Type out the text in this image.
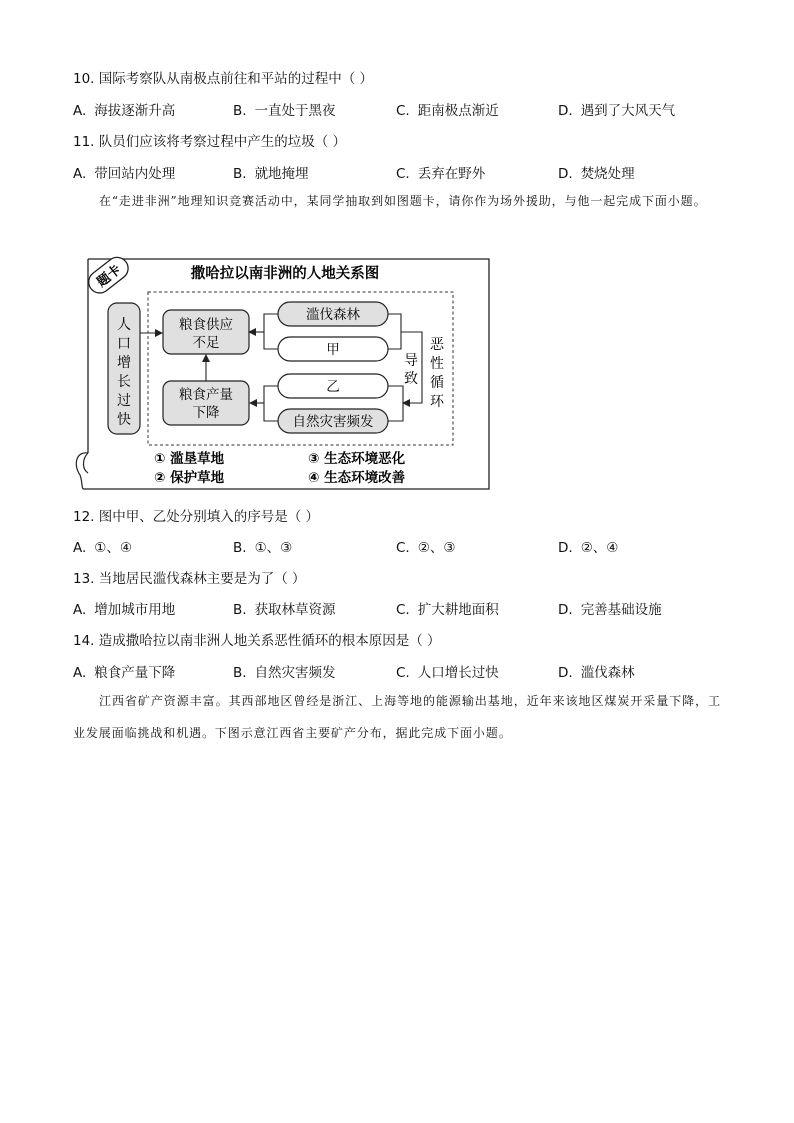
10. 国际考察队从南极点前往和平站的过程中（ ）
A. 海拔逐渐升高	B. 一直处于黑夜	C. 距南极点渐近	D. 遇到了大风天气
11. 队员们应该将考察过程中产生的垃圾（ ）
A. 带回站内处理	B. 就地掩埋	C. 丢弃在野外	D. 焚烧处理
在“走进非洲”地理知识竞赛活动中，某同学抽取到如图题卡，请你作为场外援助，与他一起完成下面小题。
题卡	撒哈拉以南非洲的人地关系图
人
口
增
长
过
快
粮食供应
不足
粮食产量
下降
滥伐森林
甲
乙
自然灾害频发
导
致
恶
性
循
环
① 滥垦草地
② 保护草地
③ 生态环境恶化
④ 生态环境改善
12. 图中甲、乙处分别填入的序号是（ ）
A. ①、④	B. ①、③	C. ②、③	D. ②、④
13. 当地居民滥伐森林主要是为了（ ）
A. 增加城市用地	B. 获取林草资源	C. 扩大耕地面积	D. 完善基础设施
14. 造成撒哈拉以南非洲人地关系恶性循环的根本原因是（ ）
A. 粮食产量下降	B. 自然灾害频发	C. 人口增长过快	D. 滥伐森林
江西省矿产资源丰富。其西部地区曾经是浙江、上海等地的能源输出基地，近年来该地区煤炭开采量下降，工业发展面临挑战和机遇。下图示意江西省主要矿产分布，据此完成下面小题。
